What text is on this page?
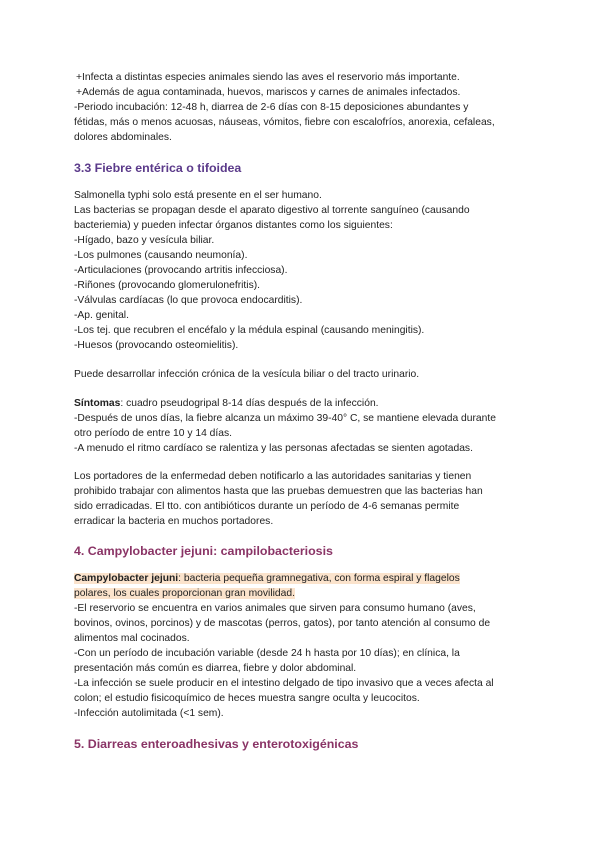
+Infecta a distintas especies animales siendo las aves el reservorio más importante.

+Además de agua contaminada, huevos, mariscos y carnes de animales infectados.

-Periodo incubación: 12-48 h, diarrea de 2-6 días con 8-15 deposiciones abundantes y

fétidas, más o menos acuosas, náuseas, vómitos, fiebre con escalofríos, anorexia, cefaleas,

dolores abdominales.

3.3 Fiebre entérica o tifoidea

Salmonella typhi solo está presente en el ser humano.

Las bacterias se propagan desde el aparato digestivo al torrente sanguíneo (causando

bacteriemia) y pueden infectar órganos distantes como los siguientes:

-Hígado, bazo y vesícula biliar.

-Los pulmones (causando neumonía).

-Articulaciones (provocando artritis infecciosa).

-Riñones (provocando glomerulonefritis).

-Válvulas cardíacas (lo que provoca endocarditis).

-Ap. genital.

-Los tej. que recubren el encéfalo y la médula espinal (causando meningitis).

-Huesos (provocando osteomielitis).

Puede desarrollar infección crónica de la vesícula biliar o del tracto urinario.

Síntomas: cuadro pseudogripal 8-14 días después de la infección.

-Después de unos días, la fiebre alcanza un máximo 39-40° C, se mantiene elevada durante

otro período de entre 10 y 14 días.

-A menudo el ritmo cardíaco se ralentiza y las personas afectadas se sienten agotadas.

Los portadores de la enfermedad deben notificarlo a las autoridades sanitarias y tienen

prohibido trabajar con alimentos hasta que las pruebas demuestren que las bacterias han

sido erradicadas. El tto. con antibióticos durante un período de 4-6 semanas permite

erradicar la bacteria en muchos portadores.

4. Campylobacter jejuni: campilobacteriosis

Campylobacter jejuni: bacteria pequeña gramnegativa, con forma espiral y flagelos

polares, los cuales proporcionan gran movilidad.

-El reservorio se encuentra en varios animales que sirven para consumo humano (aves,

bovinos, ovinos, porcinos) y de mascotas (perros, gatos), por tanto atención al consumo de

alimentos mal cocinados.

-Con un período de incubación variable (desde 24 h hasta por 10 días); en clínica, la

presentación más común es diarrea, fiebre y dolor abdominal.

-La infección se suele producir en el intestino delgado de tipo invasivo que a veces afecta al

colon; el estudio fisicoquímico de heces muestra sangre oculta y leucocitos.

-Infección autolimitada (<1 sem).

5. Diarreas enteroadhesivas y enterotoxigénicas
